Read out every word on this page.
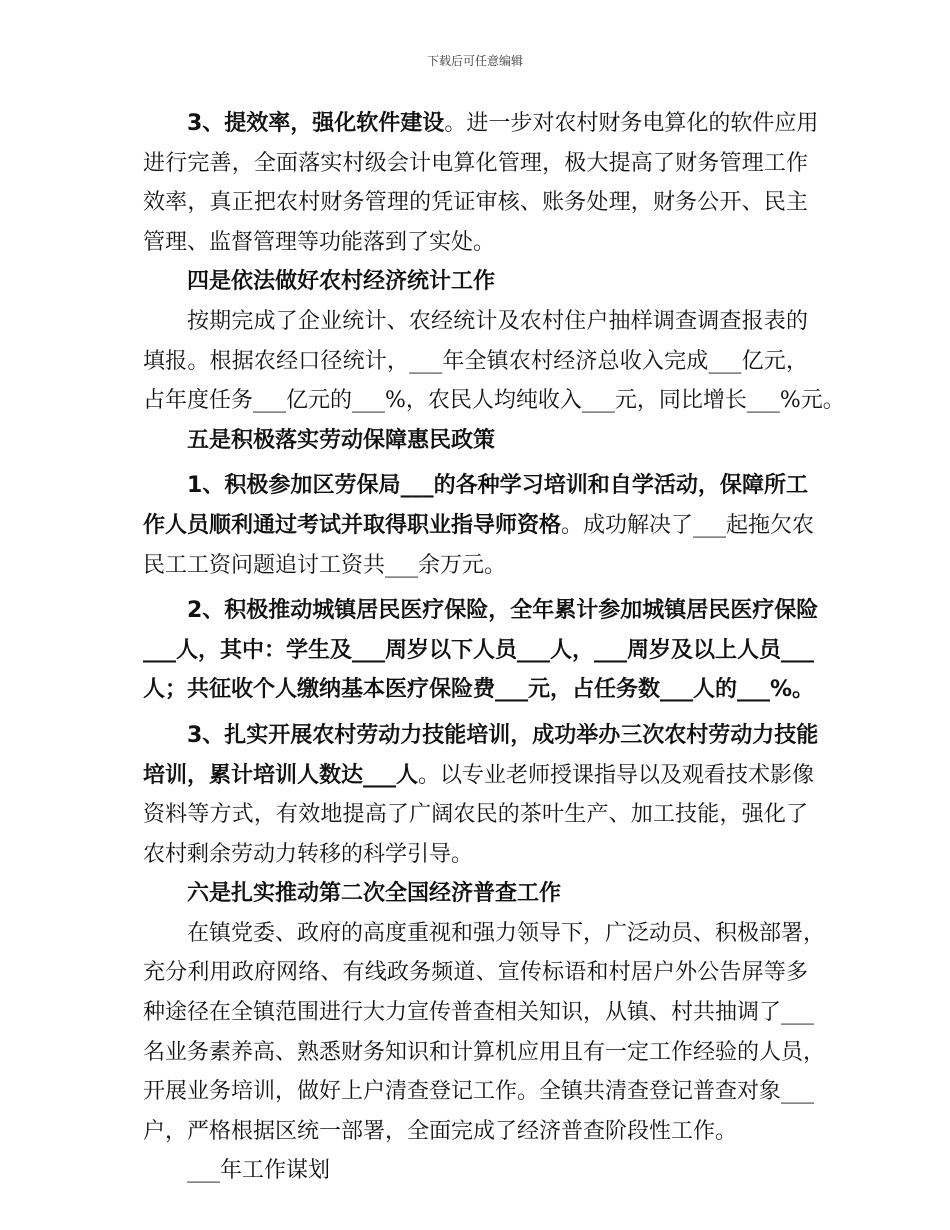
下载后可任意编辑
3、提效率，强化软件建设。进一步对农村财务电算化的软件应用
进行完善，全面落实村级会计电算化管理，极大提高了财务管理工作
效率，真正把农村财务管理的凭证审核、账务处理，财务公开、民主
管理、监督管理等功能落到了实处。
四是依法做好农村经济统计工作
按期完成了企业统计、农经统计及农村住户抽样调查调查报表的
填报。根据农经口径统计，___年全镇农村经济总收入完成___亿元，
占年度任务___亿元的___%，农民人均纯收入___元，同比增长___%元。
五是积极落实劳动保障惠民政策
1、积极参加区劳保局___的各种学习培训和自学活动，保障所工
作人员顺利通过考试并取得职业指导师资格。成功解决了___起拖欠农
民工工资问题追讨工资共___余万元。
2、积极推动城镇居民医疗保险，全年累计参加城镇居民医疗保险
___人，其中：学生及___周岁以下人员___人，___周岁及以上人员___
人；共征收个人缴纳基本医疗保险费___元，占任务数___人的___%。
3、扎实开展农村劳动力技能培训，成功举办三次农村劳动力技能
培训，累计培训人数达___人。以专业老师授课指导以及观看技术影像
资料等方式，有效地提高了广阔农民的茶叶生产、加工技能，强化了
农村剩余劳动力转移的科学引导。
六是扎实推动第二次全国经济普查工作
在镇党委、政府的高度重视和强力领导下，广泛动员、积极部署，
充分利用政府网络、有线政务频道、宣传标语和村居户外公告屏等多
种途径在全镇范围进行大力宣传普查相关知识，从镇、村共抽调了___
名业务素养高、熟悉财务知识和计算机应用且有一定工作经验的人员，
开展业务培训，做好上户清查登记工作。全镇共清查登记普查对象___
户，严格根据区统一部署，全面完成了经济普查阶段性工作。
___年工作谋划
